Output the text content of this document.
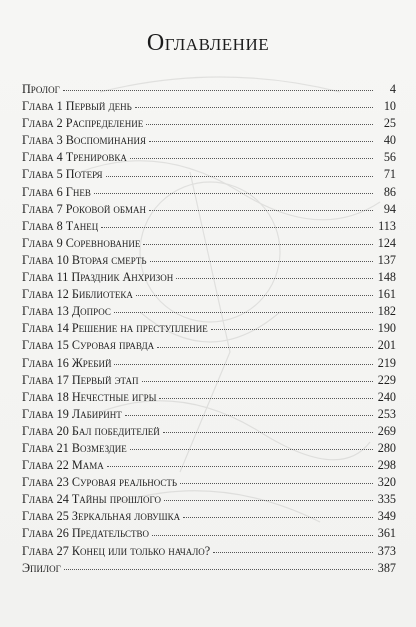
Оглавление
Пролог	4
Глава 1 Первый день	10
Глава 2 Распределение	25
Глава 3 Воспоминания	40
Глава 4 Тренировка	56
Глава 5 Потеря	71
Глава 6 Гнев	86
Глава 7 Роковой обман	94
Глава 8 Танец	113
Глава 9 Соревнование	124
Глава 10 Вторая смерть	137
Глава 11 Праздник Анхризон	148
Глава 12 Библиотека	161
Глава 13 Допрос	182
Глава 14 Решение на преступление	190
Глава 15 Суровая правда	201
Глава 16 Жребий	219
Глава 17 Первый этап	229
Глава 18 Нечестные игры	240
Глава 19 Лабиринт	253
Глава 20 Бал победителей	269
Глава 21 Возмездие	280
Глава 22 Мама	298
Глава 23 Суровая реальность	320
Глава 24 Тайны прошлого	335
Глава 25 Зеркальная ловушка	349
Глава 26 Предательство	361
Глава 27 Конец или только начало?	373
Эпилог	387
